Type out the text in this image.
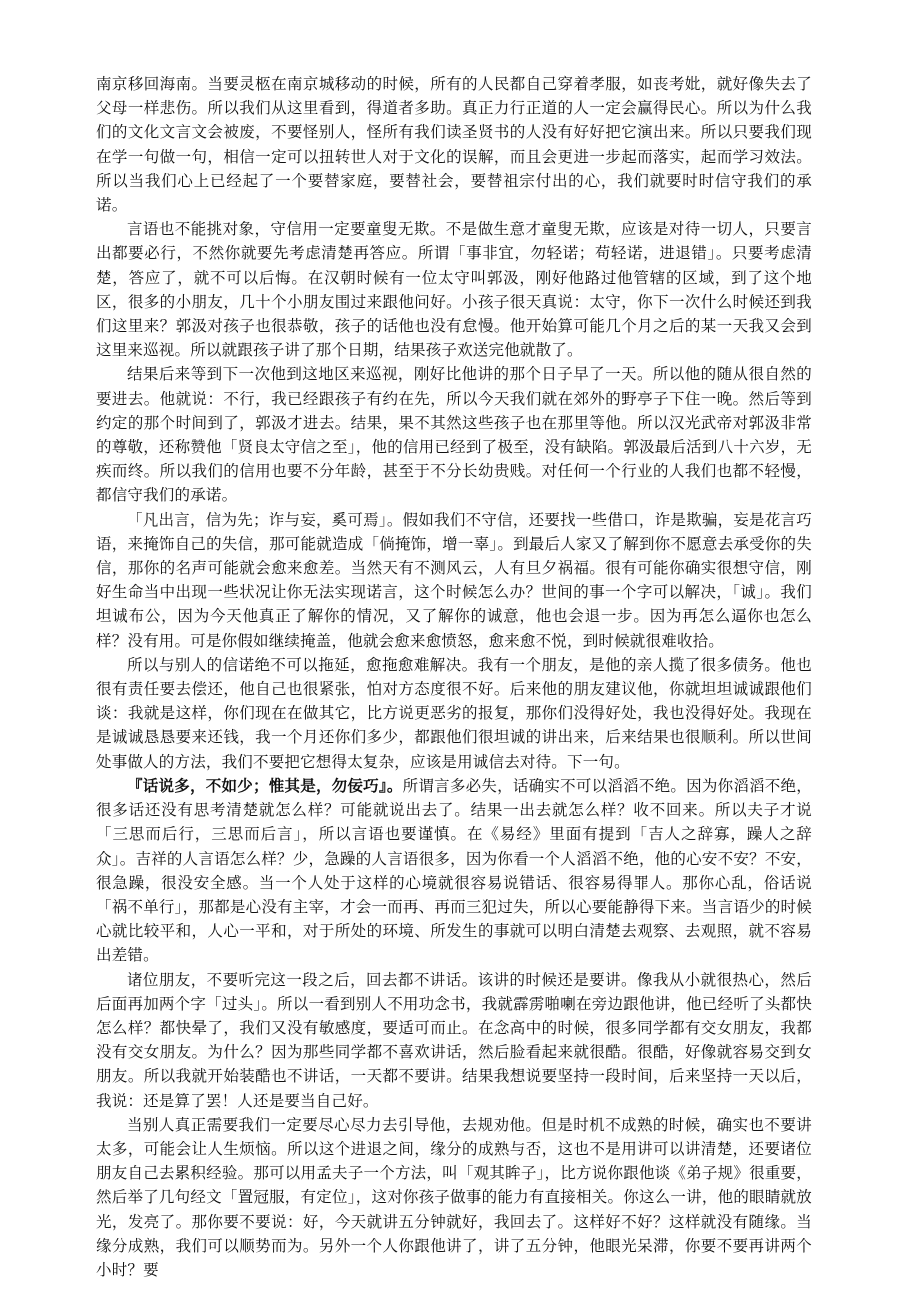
南京移回海南。当要灵柩在南京城移动的时候，所有的人民都自己穿着孝服，如丧考妣，就好像失去了父母一样悲伤。所以我们从这里看到，得道者多助。真正力行正道的人一定会赢得民心。所以为什么我们的文化文言文会被废，不要怪别人，怪所有我们读圣贤书的人没有好好把它演出来。所以只要我们现在学一句做一句，相信一定可以扭转世人对于文化的误解，而且会更进一步起而落实，起而学习效法。所以当我们心上已经起了一个要替家庭，要替社会，要替祖宗付出的心，我们就要时时信守我们的承诺。

言语也不能挑对象，守信用一定要童叟无欺。不是做生意才童叟无欺，应该是对待一切人，只要言出都要必行，不然你就要先考虑清楚再答应。所谓「事非宜，勿轻诺；苟轻诺，进退错」。只要考虑清楚，答应了，就不可以后悔。在汉朝时候有一位太守叫郭汲，刚好他路过他管辖的区域，到了这个地区，很多的小朋友，几十个小朋友围过来跟他问好。小孩子很天真说：太守，你下一次什么时候还到我们这里来？郭汲对孩子也很恭敬，孩子的话他也没有怠慢。他开始算可能几个月之后的某一天我又会到这里来巡视。所以就跟孩子讲了那个日期，结果孩子欢送完他就散了。

结果后来等到下一次他到这地区来巡视，刚好比他讲的那个日子早了一天。所以他的随从很自然的要进去。他就说：不行，我已经跟孩子有约在先，所以今天我们就在郊外的野亭子下住一晚。然后等到约定的那个时间到了，郭汲才进去。结果，果不其然这些孩子也在那里等他。所以汉光武帝对郭汲非常的尊敬，还称赞他「贤良太守信之至」，他的信用已经到了极至，没有缺陷。郭汲最后活到八十六岁，无疾而终。所以我们的信用也要不分年龄，甚至于不分长幼贵贱。对任何一个行业的人我们也都不轻慢，都信守我们的承诺。

「凡出言，信为先；诈与妄，奚可焉」。假如我们不守信，还要找一些借口，诈是欺骗，妄是花言巧语，来掩饰自己的失信，那可能就造成「倘掩饰，增一辜」。到最后人家又了解到你不愿意去承受你的失信，那你的名声可能就会愈来愈差。当然天有不测风云，人有旦夕祸福。很有可能你确实很想守信，刚好生命当中出现一些状况让你无法实现诺言，这个时候怎么办？世间的事一个字可以解决，「诚」。我们坦诚布公，因为今天他真正了解你的情况，又了解你的诚意，他也会退一步。因为再怎么逼你也怎么样？没有用。可是你假如继续掩盖，他就会愈来愈愤怒，愈来愈不悦，到时候就很难收拾。

所以与别人的信诺绝不可以拖延，愈拖愈难解决。我有一个朋友，是他的亲人揽了很多债务。他也很有责任要去偿还，他自己也很紧张，怕对方态度很不好。后来他的朋友建议他，你就坦坦诚诚跟他们谈：我就是这样，你们现在在做其它，比方说更恶劣的报复，那你们没得好处，我也没得好处。我现在是诚诚恳恳要来还钱，我一个月还你们多少，都跟他们很坦诚的讲出来，后来结果也很顺利。所以世间处事做人的方法，我们不要把它想得太复杂，应该是用诚信去对待。下一句。

『话说多，不如少；惟其是，勿佞巧』。所谓言多必失，话确实不可以滔滔不绝。因为你滔滔不绝，很多话还没有思考清楚就怎么样？可能就说出去了。结果一出去就怎么样？收不回来。所以夫子才说「三思而后行，三思而后言」，所以言语也要谨慎。在《易经》里面有提到「吉人之辞寡，躁人之辞众」。吉祥的人言语怎么样？少，急躁的人言语很多，因为你看一个人滔滔不绝，他的心安不安？不安，很急躁，很没安全感。当一个人处于这样的心境就很容易说错话、很容易得罪人。那你心乱，俗话说「祸不单行」，那都是心没有主宰，才会一而再、再而三犯过失，所以心要能静得下来。当言语少的时候心就比较平和，人心一平和，对于所处的环境、所发生的事就可以明白清楚去观察、去观照，就不容易出差错。

诸位朋友，不要听完这一段之后，回去都不讲话。该讲的时候还是要讲。像我从小就很热心，然后后面再加两个字「过头」。所以一看到别人不用功念书，我就霹雳啪喇在旁边跟他讲，他已经听了头都快怎么样？都快晕了，我们又没有敏感度，要适可而止。在念高中的时候，很多同学都有交女朋友，我都没有交女朋友。为什么？因为那些同学都不喜欢讲话，然后脸看起来就很酷。很酷，好像就容易交到女朋友。所以我就开始装酷也不讲话，一天都不要讲。结果我想说要坚持一段时间，后来坚持一天以后，我说：还是算了罢！人还是要当自己好。

当别人真正需要我们一定要尽心尽力去引导他，去规劝他。但是时机不成熟的时候，确实也不要讲太多，可能会让人生烦恼。所以这个进退之间，缘分的成熟与否，这也不是用讲可以讲清楚，还要诸位朋友自己去累积经验。那可以用孟夫子一个方法，叫「观其眸子」，比方说你跟他谈《弟子规》很重要，然后举了几句经文「置冠服，有定位」，这对你孩子做事的能力有直接相关。你这么一讲，他的眼睛就放光，发亮了。那你要不要说：好，今天就讲五分钟就好，我回去了。这样好不好？这样就没有随缘。当缘分成熟，我们可以顺势而为。另外一个人你跟他讲了，讲了五分钟，他眼光呆滞，你要不要再讲两个小时？要
